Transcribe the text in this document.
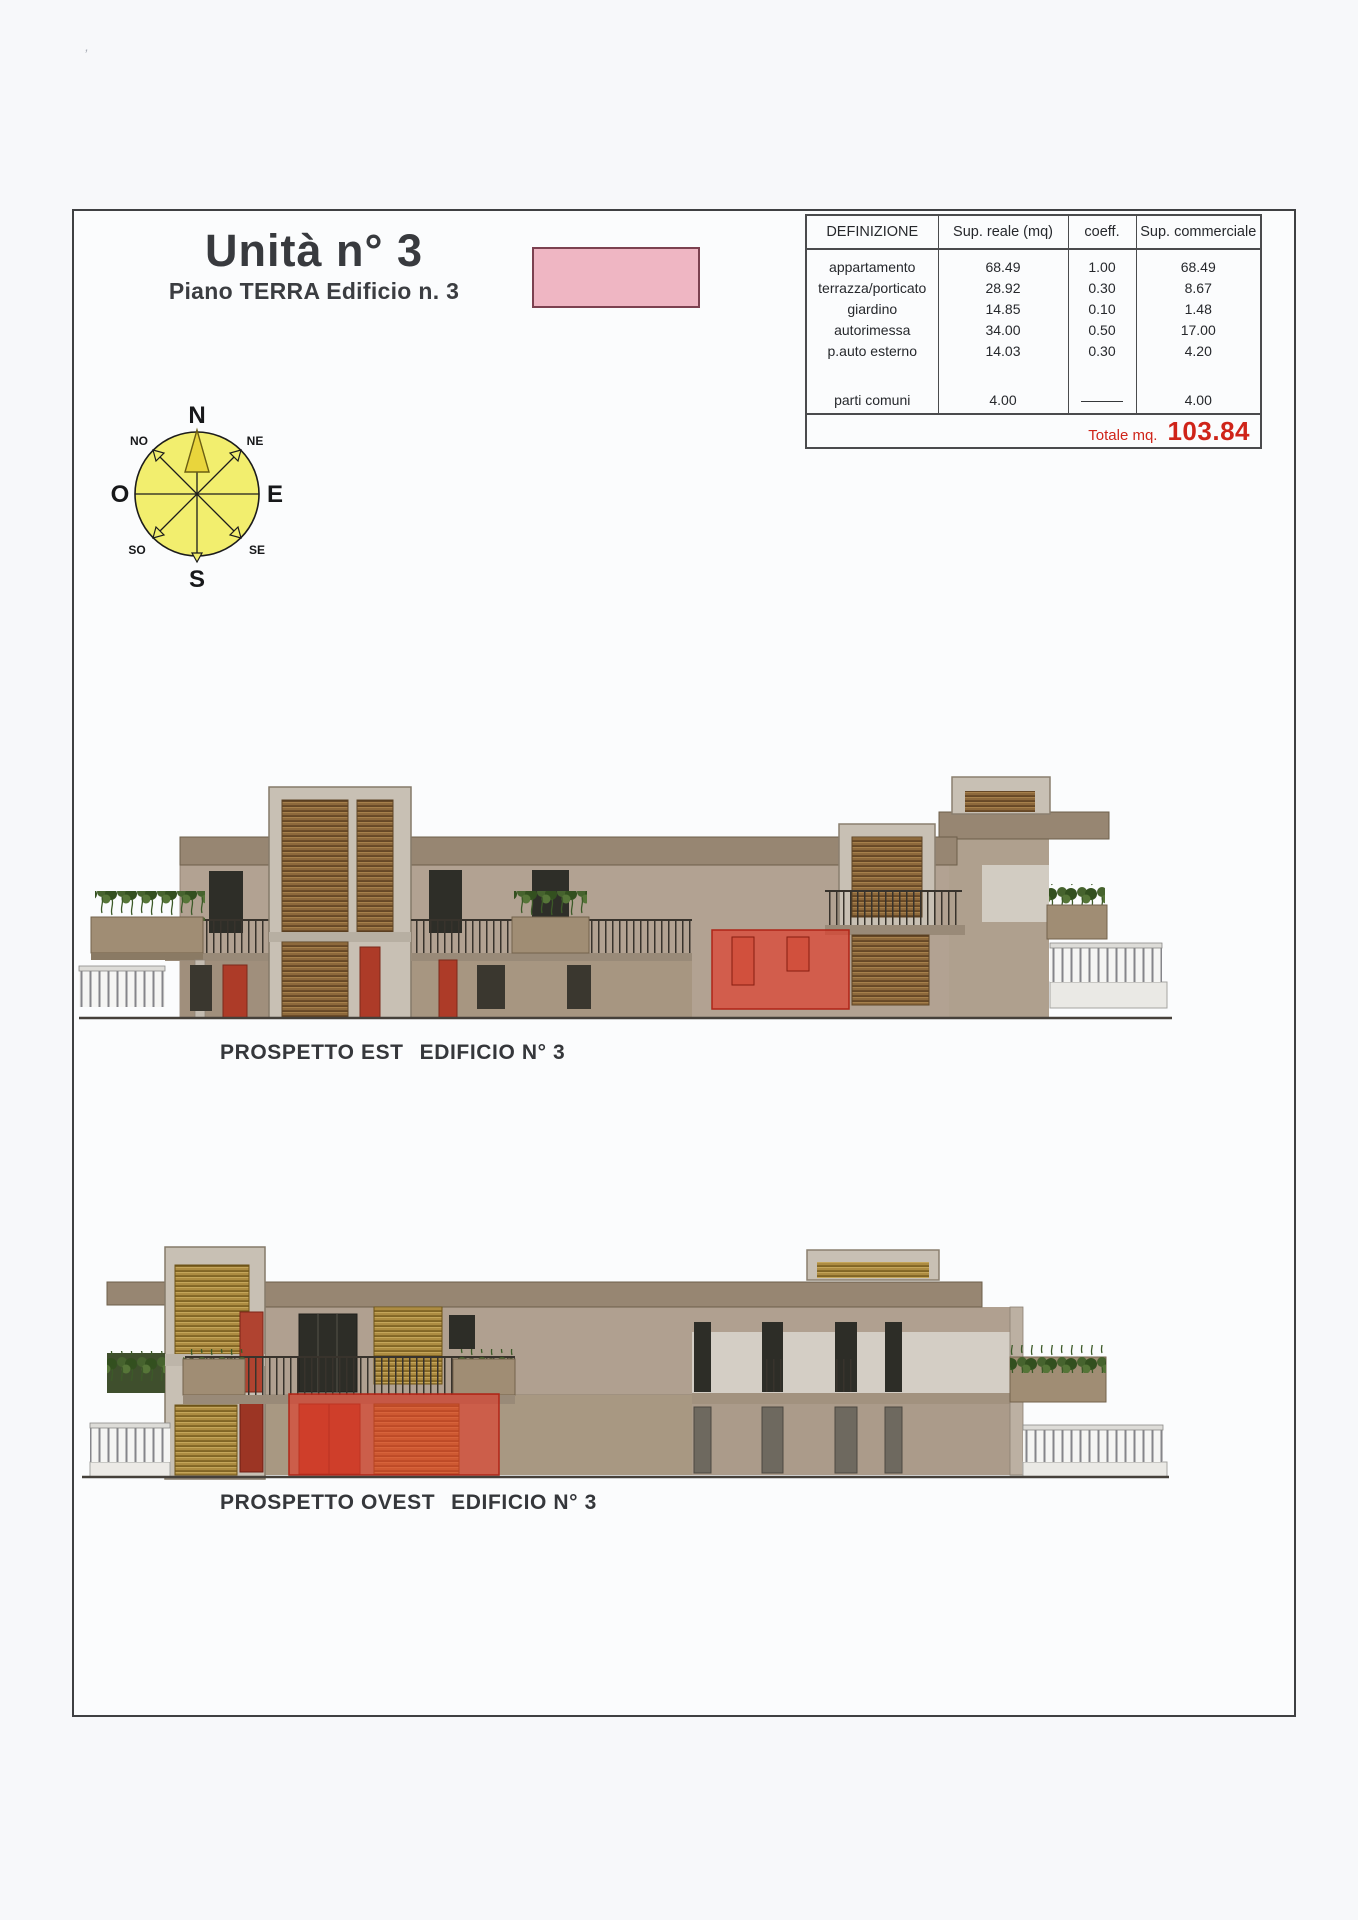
’
Unità n° 3
Piano TERRA Edificio n. 3
DEFINIZIONE	Sup. reale (mq)	coeff.	Sup. commerciale
appartamento	68.49	1.00	68.49
terrazza/porticato	28.92	0.30	8.67
giardino	14.85	0.10	1.48
autorimessa	34.00	0.50	17.00
p.auto esterno	14.03	0.30	4.20

parti comuni	4.00	———	4.00
Totale mq. 103.84			
N
S
O	E
NO	NE
SO	SE
PROSPETTO EST EDIFICIO N° 3
PROSPETTO OVEST EDIFICIO N° 3
